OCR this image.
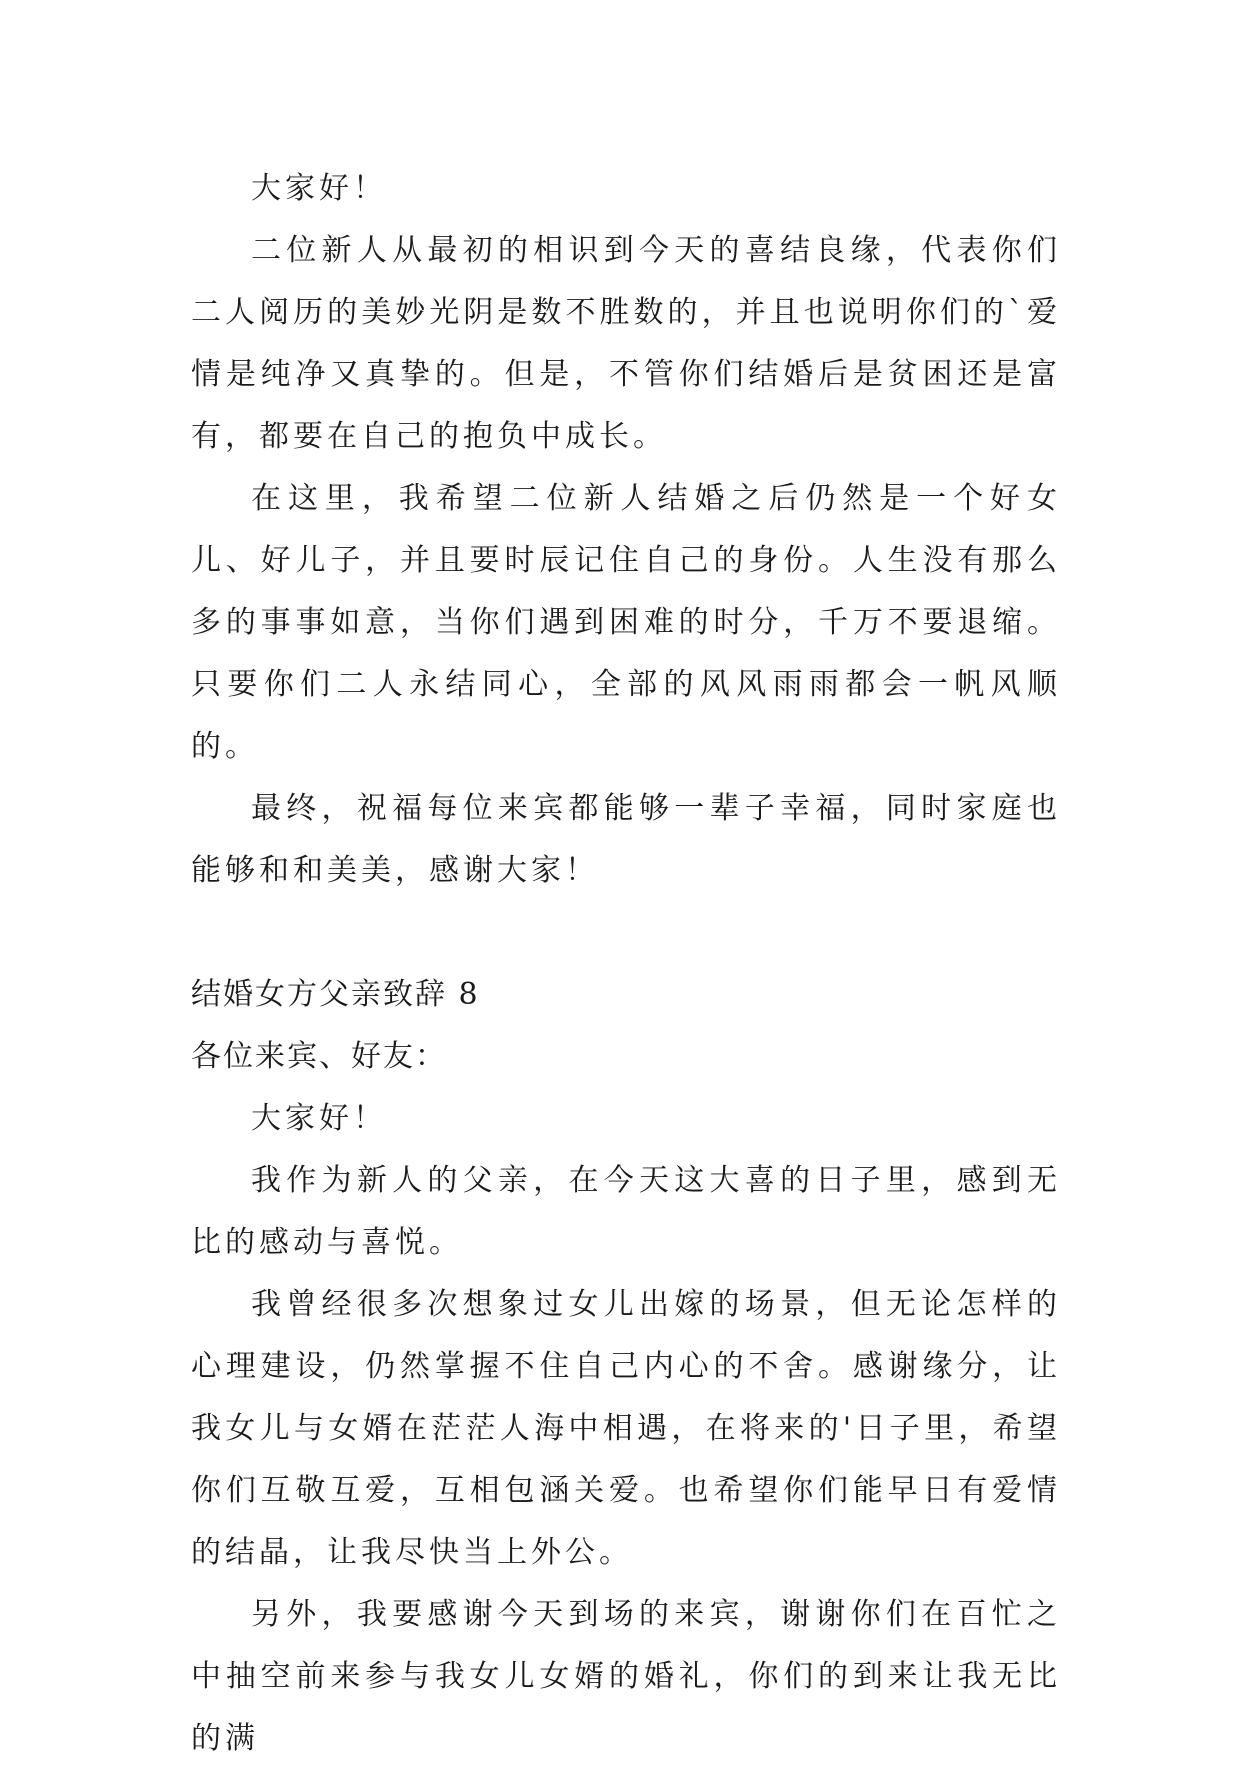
大家好！

二位新人从最初的相识到今天的喜结良缘，代表你们二人阅历的美妙光阴是数不胜数的，并且也说明你们的`爱情是纯净又真挚的。但是，不管你们结婚后是贫困还是富有，都要在自己的抱负中成长。

在这里，我希望二位新人结婚之后仍然是一个好女儿、好儿子，并且要时辰记住自己的身份。人生没有那么多的事事如意，当你们遇到困难的时分，千万不要退缩。只要你们二人永结同心，全部的风风雨雨都会一帆风顺的。

最终，祝福每位来宾都能够一辈子幸福，同时家庭也能够和和美美，感谢大家！

结婚女方父亲致辞 8

各位来宾、好友：

大家好！

我作为新人的父亲，在今天这大喜的日子里，感到无比的感动与喜悦。

我曾经很多次想象过女儿出嫁的场景，但无论怎样的心理建设，仍然掌握不住自己内心的不舍。感谢缘分，让我女儿与女婿在茫茫人海中相遇，在将来的'日子里，希望你们互敬互爱，互相包涵关爱。也希望你们能早日有爱情的结晶，让我尽快当上外公。

另外，我要感谢今天到场的来宾，谢谢你们在百忙之中抽空前来参与我女儿女婿的婚礼，你们的到来让我无比的满
